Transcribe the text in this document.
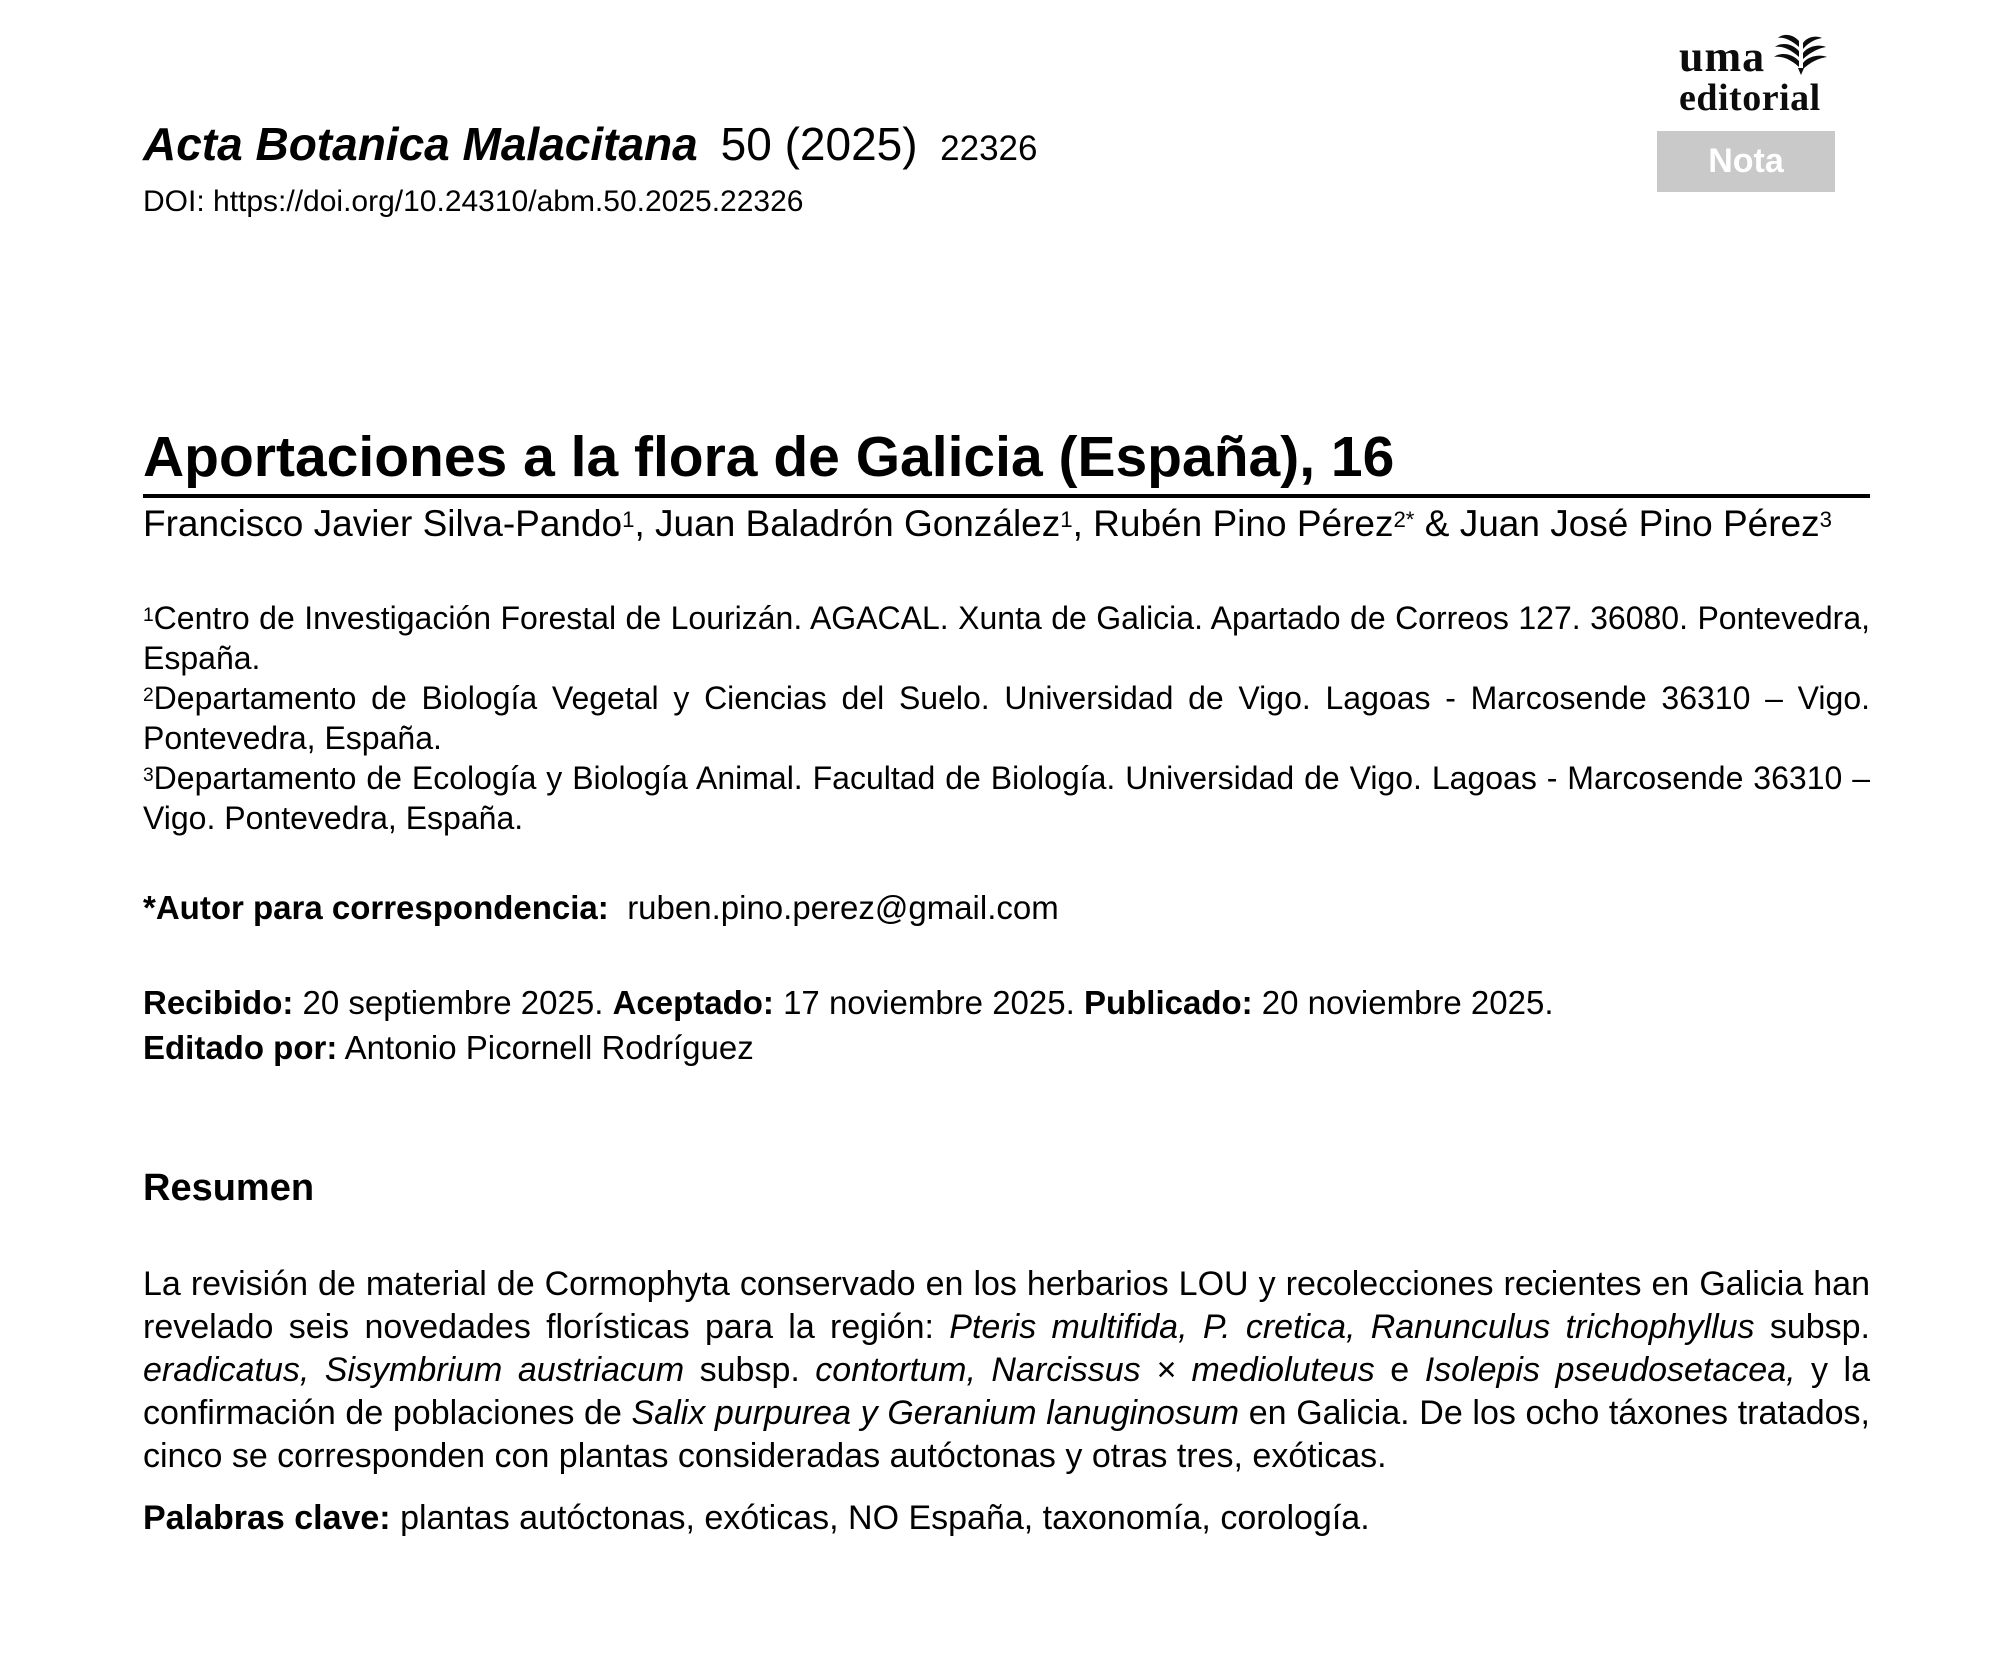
Acta Botanica Malacitana 50 (2025) 22326
DOI: https://doi.org/10.24310/abm.50.2025.22326
uma
editorial
Nota
Aportaciones a la flora de Galicia (España), 16

Francisco Javier Silva-Pando$^1$, Juan Baladrón González$^1$, Rubén Pino Pérez$^{2*}$ & Juan José Pino Pérez$^3$

$^1$Centro de Investigación Forestal de Lourizán. AGACAL. Xunta de Galicia. Apartado de Correos 127. 36080. Pontevedra, España.

$^2$Departamento de Biología Vegetal y Ciencias del Suelo. Universidad de Vigo. Lagoas - Marcosende 36310 – Vigo. Pontevedra, España.

$^3$Departamento de Ecología y Biología Animal. Facultad de Biología. Universidad de Vigo. Lagoas - Marcosende 36310 – Vigo. Pontevedra, España.

*Autor para correspondencia: ruben.pino.perez@gmail.com

Recibido: 20 septiembre 2025. Aceptado: 17 noviembre 2025. Publicado: 20 noviembre 2025.

Editado por: Antonio Picornell Rodríguez

Resumen

La revisión de material de Cormophyta conservado en los herbarios LOU y recolecciones recientes en Galicia han revelado seis novedades florísticas para la región: Pteris multifida, P. cretica, Ranunculus trichophyllus subsp. eradicatus, Sisymbrium austriacum subsp. contortum, Narcissus × medioluteus e Isolepis pseudosetacea, y la confirmación de poblaciones de Salix purpurea y Geranium lanuginosum en Galicia. De los ocho táxones tratados, cinco se corresponden con plantas consideradas autóctonas y otras tres, exóticas.

Palabras clave: plantas autóctonas, exóticas, NO España, taxonomía, corología.
